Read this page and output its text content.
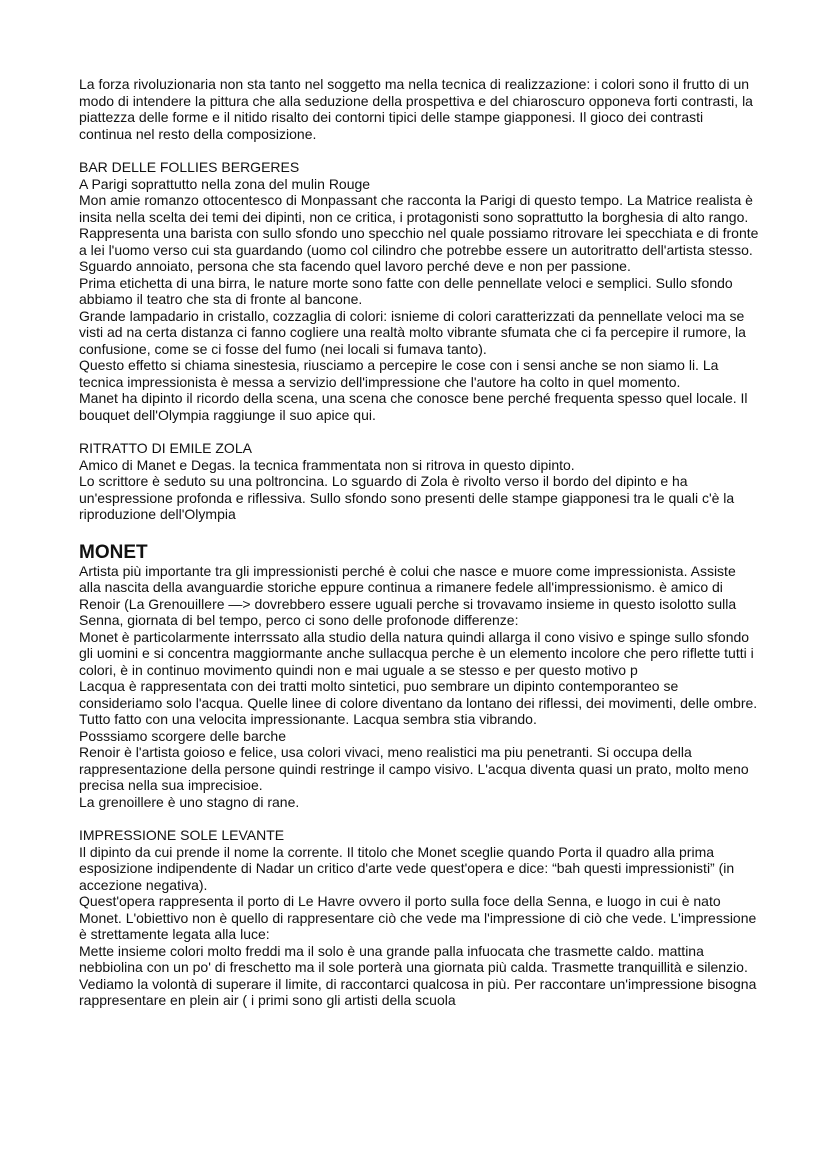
La forza rivoluzionaria non sta tanto nel soggetto ma nella tecnica di realizzazione: i colori sono il frutto di un modo di intendere la pittura che alla seduzione della prospettiva e del chiaroscuro opponeva forti contrasti, la piattezza delle forme e il nitido risalto dei contorni tipici delle stampe giapponesi. Il gioco dei contrasti continua nel resto della composizione.

BAR DELLE FOLLIES BERGERES

A Parigi soprattutto nella zona del mulin Rouge

Mon amie romanzo ottocentesco di Monpassant che racconta la Parigi di questo tempo. La Matrice realista è insita nella scelta dei temi dei dipinti, non ce critica, i protagonisti sono soprattutto la borghesia di alto rango. Rappresenta una barista con sullo sfondo uno specchio nel quale possiamo ritrovare lei specchiata e di fronte a lei l'uomo verso cui sta guardando (uomo col cilindro che potrebbe essere un autoritratto dell'artista stesso. Sguardo annoiato, persona che sta facendo quel lavoro perché deve e non per passione.

Prima etichetta di una birra, le nature morte sono fatte con delle pennellate veloci e semplici. Sullo sfondo abbiamo il teatro che sta di fronte al bancone.

Grande lampadario in cristallo, cozzaglia di colori: isnieme di colori caratterizzati da pennellate veloci ma se visti ad na certa distanza ci fanno cogliere una realtà molto vibrante sfumata che ci fa percepire il rumore, la confusione, come se ci fosse del fumo (nei locali si fumava tanto).

Questo effetto si chiama sinestesia, riusciamo a percepire le cose con i sensi anche se non siamo li. La tecnica impressionista è messa a servizio dell'impressione che l'autore ha colto in quel momento.

Manet ha dipinto il ricordo della scena, una scena che conosce bene perché frequenta spesso quel locale. Il bouquet dell'Olympia raggiunge il suo apice qui.

RITRATTO DI EMILE ZOLA

Amico di Manet e Degas. la tecnica frammentata non si ritrova in questo dipinto.

Lo scrittore è seduto su una poltroncina. Lo sguardo di Zola è rivolto verso il bordo del dipinto e ha un'espressione profonda e riflessiva. Sullo sfondo sono presenti delle stampe giapponesi tra le quali c'è la riproduzione dell'Olympia

MONET

Artista più importante tra gli impressionisti perché è colui che nasce e muore come impressionista. Assiste alla nascita della avanguardie storiche eppure continua a rimanere fedele all'impressionismo. è amico di Renoir (La Grenouillere —> dovrebbero essere uguali perche si trovavamo insieme in questo isolotto sulla Senna, giornata di bel tempo, perco ci sono delle profonode differenze:

Monet è particolarmente interrssato alla studio della natura quindi allarga il cono visivo e spinge sullo sfondo gli uomini e si concentra maggiormante anche sullacqua perche è un elemento incolore che pero riflette tutti i colori, è in continuo movimento quindi non e mai uguale a se stesso e per questo motivo p

Lacqua è rappresentata con dei tratti molto sintetici, puo sembrare un dipinto contemporanteo se consideriamo solo l'acqua. Quelle linee di colore diventano da lontano dei riflessi, dei movimenti, delle ombre. Tutto fatto con una velocita impressionante. Lacqua sembra stia vibrando.

Posssiamo scorgere delle barche

Renoir è l'artista goioso e felice, usa colori vivaci, meno realistici ma piu penetranti. Si occupa della rappresentazione della persone quindi restringe il campo visivo. L'acqua diventa quasi un prato, molto meno precisa nella sua imprecisioe.

La grenoillere è uno stagno di rane.

IMPRESSIONE SOLE LEVANTE

Il dipinto da cui prende il nome la corrente. Il titolo che Monet sceglie quando Porta il quadro alla prima esposizione indipendente di Nadar un critico d'arte vede quest'opera e dice: “bah questi impressionisti” (in accezione negativa).

Quest'opera rappresenta il porto di Le Havre ovvero il porto sulla foce della Senna, e luogo in cui è nato Monet. L'obiettivo non è quello di rappresentare ciò che vede ma l'impressione di ciò che vede. L'impressione è strettamente legata alla luce:

Mette insieme colori molto freddi ma il solo è una grande palla infuocata che trasmette caldo. mattina nebbiolina con un po' di freschetto ma il sole porterà una giornata più calda. Trasmette tranquillità e silenzio. Vediamo la volontà di superare il limite, di raccontarci qualcosa in più. Per raccontare un'impressione bisogna rappresentare en plein air ( i primi sono gli artisti della scuola
